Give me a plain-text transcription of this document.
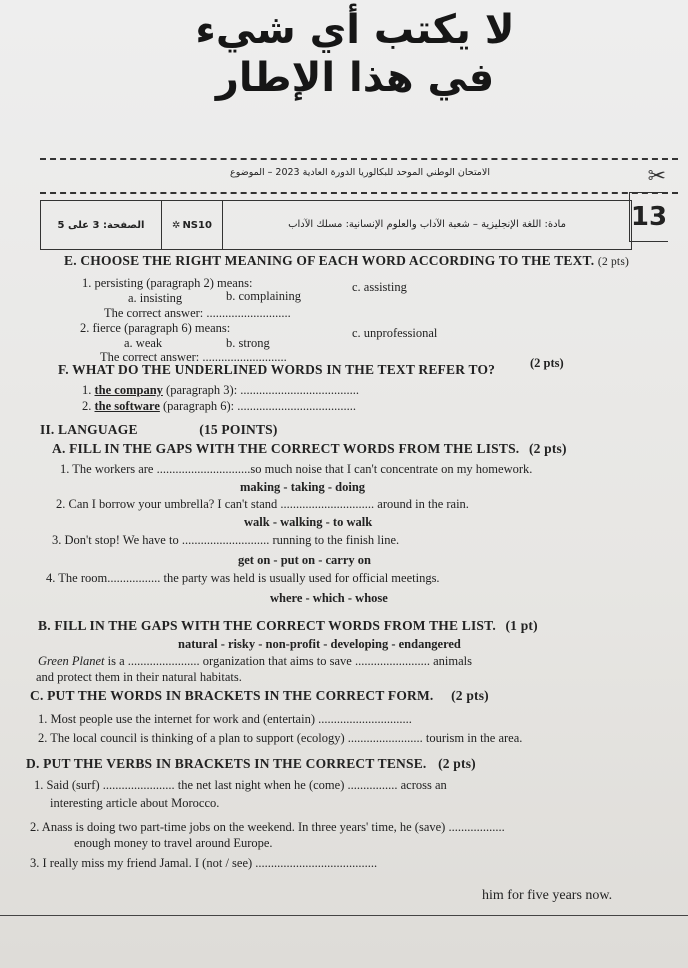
لا يكتب أي شيء
في هذا الإطار
✂
الامتحان الوطني الموحد للبكالوريا الدورة العادية 2023 – الموضوع
الصفحة: 3 على 5	✲ NS10	مادة: اللغة الإنجليزية – شعبة الآداب والعلوم الإنسانية: مسلك الآداب	13
E. CHOOSE THE RIGHT MEANING OF EACH WORD ACCORDING TO THE TEXT. (2 pts)
1. persisting (paragraph 2) means:	c. assisting
a. insisting	b. complaining
The correct answer: ...........................
2. fierce (paragraph 6) means:	c. unprofessional
a. weak	b. strong
The correct answer: ...........................
F. WHAT DO THE UNDERLINED WORDS IN THE TEXT REFER TO?	(2 pts)
1. the company (paragraph 3): ......................................
2. the software (paragraph 6): ......................................
II. LANGUAGE	(15 POINTS)
A. FILL IN THE GAPS WITH THE CORRECT WORDS FROM THE LISTS. (2 pts)
1. The workers are ..............................so much noise that I can't concentrate on my homework.
making - taking - doing
2. Can I borrow your umbrella? I can't stand .............................. around in the rain.
walk - walking - to walk
3. Don't stop! We have to ............................ running to the finish line.
get on - put on - carry on
4. The room................. the party was held is usually used for official meetings.
where - which - whose
B. FILL IN THE GAPS WITH THE CORRECT WORDS FROM THE LIST. (1 pt)
natural - risky - non-profit - developing - endangered
Green Planet is a ....................... organization that aims to save ........................ animals
and protect them in their natural habitats.
C. PUT THE WORDS IN BRACKETS IN THE CORRECT FORM. (2 pts)
1. Most people use the internet for work and (entertain) ..............................
2. The local council is thinking of a plan to support (ecology) ........................ tourism in the area.
D. PUT THE VERBS IN BRACKETS IN THE CORRECT TENSE. (2 pts)
1. Said (surf) ....................... the net last night when he (come) ................ across an
interesting article about Morocco.
2. Anass is doing two part-time jobs on the weekend. In three years' time, he (save) ..................
enough money to travel around Europe.
3. I really miss my friend Jamal. I (not / see) .......................................
him for five years now.
